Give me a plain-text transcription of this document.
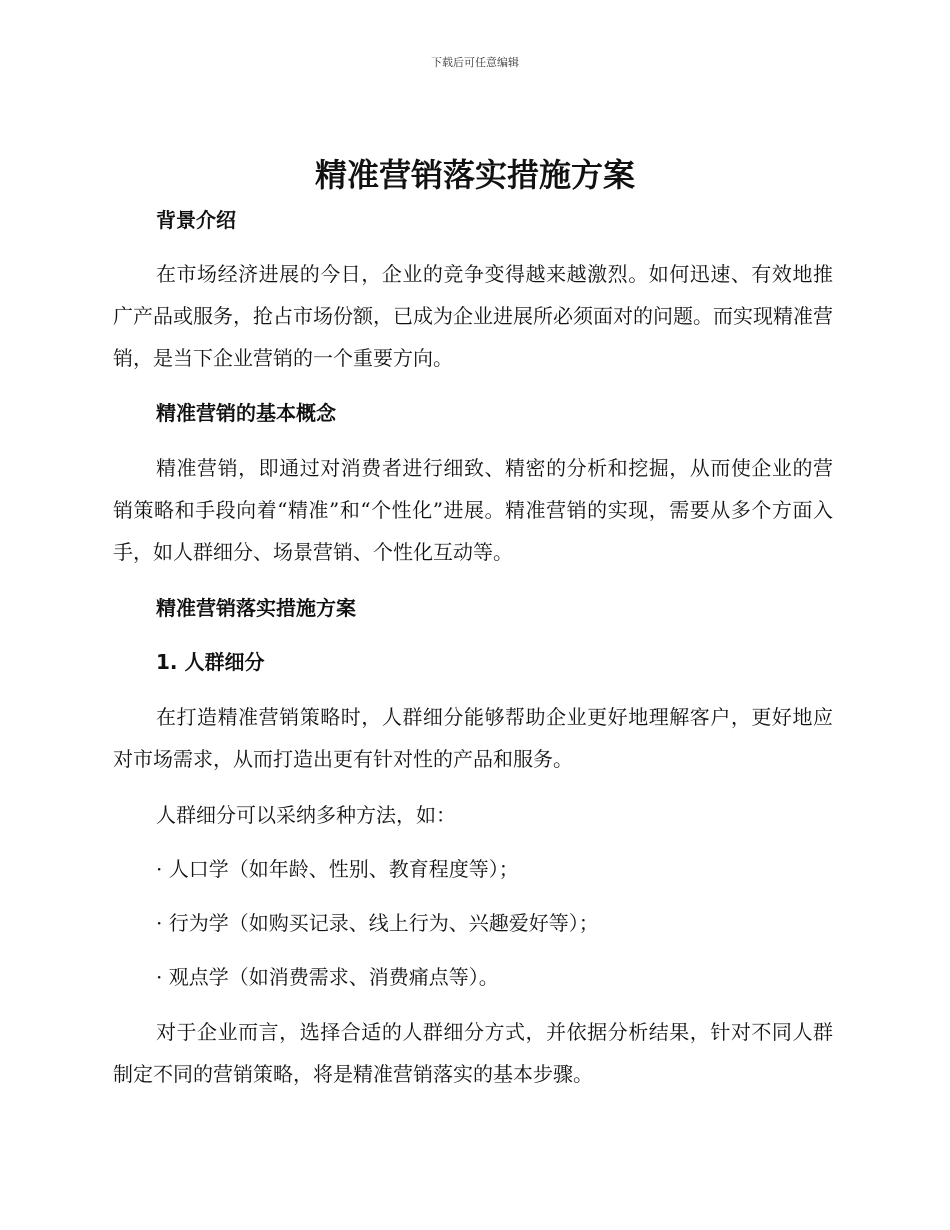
下载后可任意编辑
精准营销落实措施方案
背景介绍
在市场经济进展的今日，企业的竞争变得越来越激烈。如何迅速、有效地推广产品或服务，抢占市场份额，已成为企业进展所必须面对的问题。而实现精准营销，是当下企业营销的一个重要方向。
精准营销的基本概念
精准营销，即通过对消费者进行细致、精密的分析和挖掘，从而使企业的营销策略和手段向着“精准”和“个性化”进展。精准营销的实现，需要从多个方面入手，如人群细分、场景营销、个性化互动等。
精准营销落实措施方案
1. 人群细分
在打造精准营销策略时，人群细分能够帮助企业更好地理解客户，更好地应对市场需求，从而打造出更有针对性的产品和服务。
人群细分可以采纳多种方法，如：
· 人口学（如年龄、性别、教育程度等）；
· 行为学（如购买记录、线上行为、兴趣爱好等）；
· 观点学（如消费需求、消费痛点等）。
对于企业而言，选择合适的人群细分方式，并依据分析结果，针对不同人群制定不同的营销策略，将是精准营销落实的基本步骤。
